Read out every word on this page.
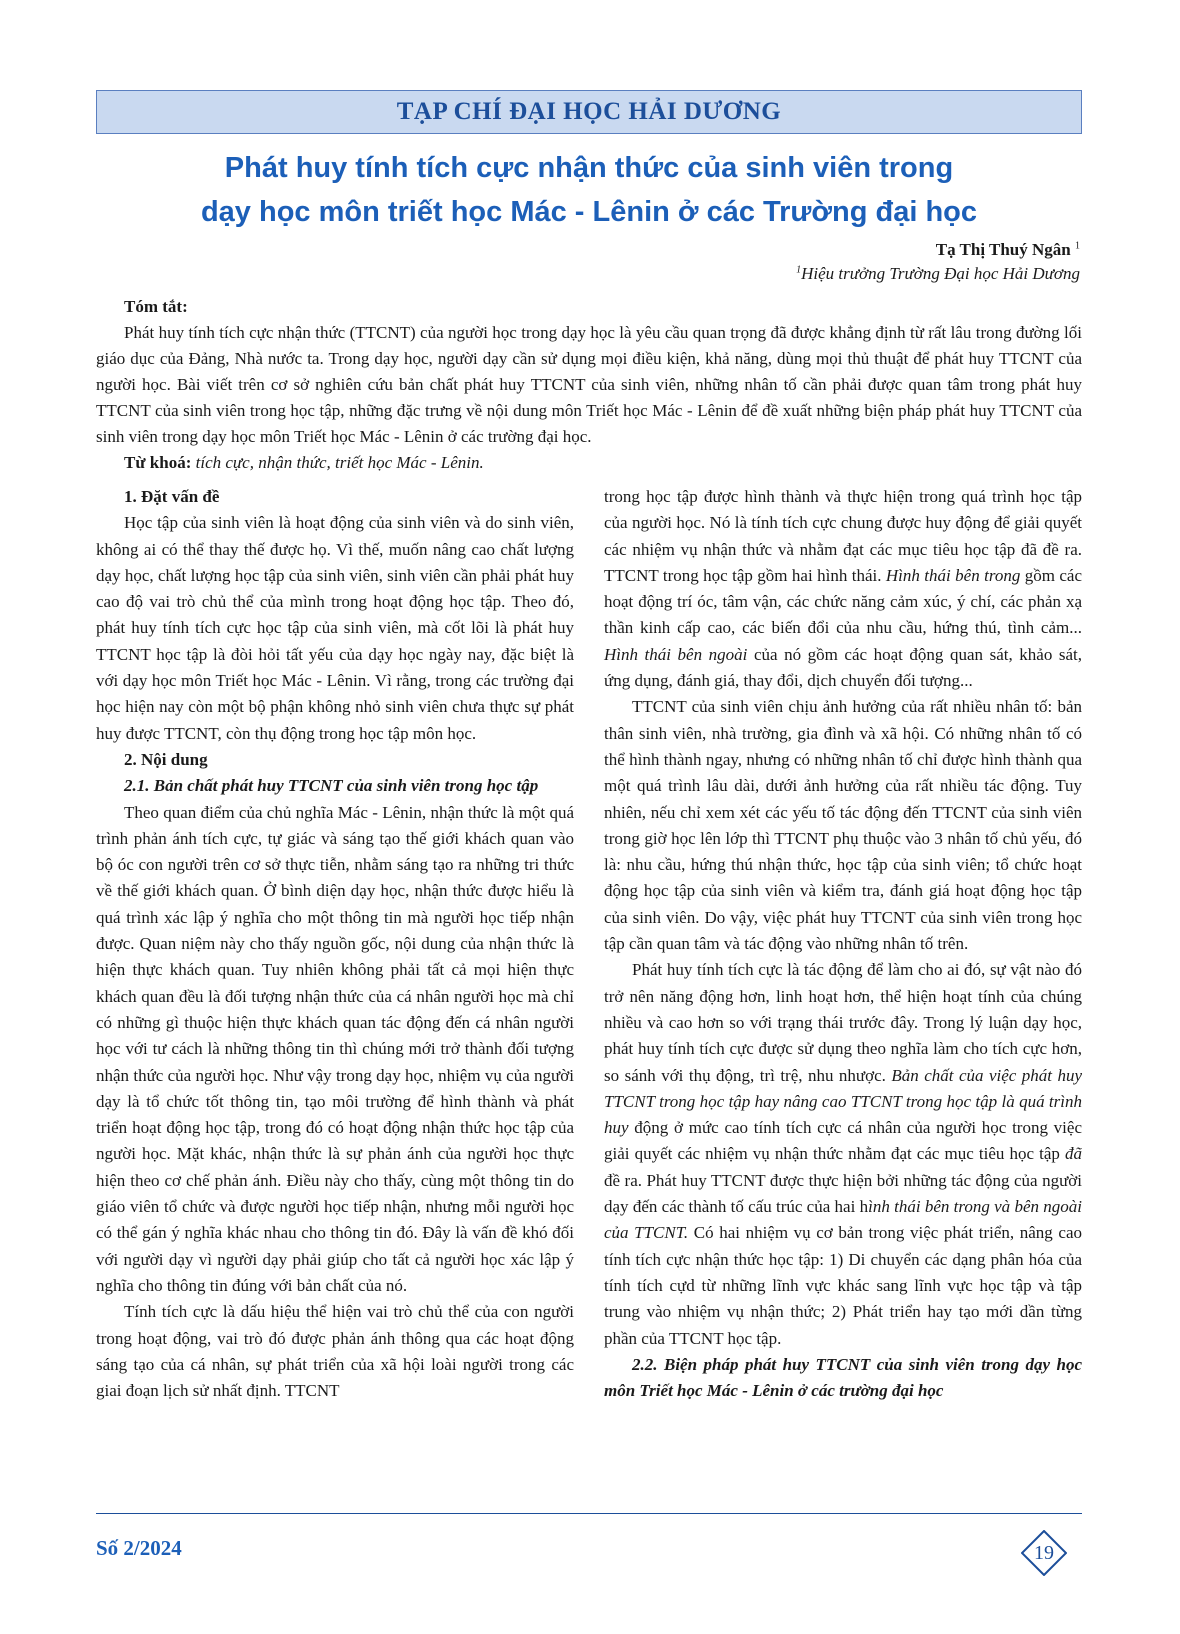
TẠP CHÍ ĐẠI HỌC HẢI DƯƠNG
Phát huy tính tích cực nhận thức của sinh viên trong
dạy học môn triết học Mác - Lênin ở các Trường đại học
Tạ Thị Thuý Ngân $^1$
$^1$Hiệu trưởng Trường Đại học Hải Dương
Tóm tắt:

Phát huy tính tích cực nhận thức (TTCNT) của người học trong dạy học là yêu cầu quan trọng đã được khẳng định từ rất lâu trong đường lối giáo dục của Đảng, Nhà nước ta. Trong dạy học, người dạy cần sử dụng mọi điều kiện, khả năng, dùng mọi thủ thuật để phát huy TTCNT của người học. Bài viết trên cơ sở nghiên cứu bản chất phát huy TTCNT của sinh viên, những nhân tố cần phải được quan tâm trong phát huy TTCNT của sinh viên trong học tập, những đặc trưng về nội dung môn Triết học Mác - Lênin để đề xuất những biện pháp phát huy TTCNT của sinh viên trong dạy học môn Triết học Mác - Lênin ở các trường đại học.

Từ khoá: tích cực, nhận thức, triết học Mác - Lênin.

1. Đặt vấn đề

Học tập của sinh viên là hoạt động của sinh viên và do sinh viên, không ai có thể thay thế được họ. Vì thế, muốn nâng cao chất lượng dạy học, chất lượng học tập của sinh viên, sinh viên cần phải phát huy cao độ vai trò chủ thể của mình trong hoạt động học tập. Theo đó, phát huy tính tích cực học tập của sinh viên, mà cốt lõi là phát huy TTCNT học tập là đòi hỏi tất yếu của dạy học ngày nay, đặc biệt là với dạy học môn Triết học Mác - Lênin. Vì rằng, trong các trường đại học hiện nay còn một bộ phận không nhỏ sinh viên chưa thực sự phát huy được TTCNT, còn thụ động trong học tập môn học.

2. Nội dung

2.1. Bản chất phát huy TTCNT của sinh viên trong học tập

Theo quan điểm của chủ nghĩa Mác - Lênin, nhận thức là một quá trình phản ánh tích cực, tự giác và sáng tạo thế giới khách quan vào bộ óc con người trên cơ sở thực tiễn, nhằm sáng tạo ra những tri thức về thế giới khách quan. Ở bình diện dạy học, nhận thức được hiểu là quá trình xác lập ý nghĩa cho một thông tin mà người học tiếp nhận được. Quan niệm này cho thấy nguồn gốc, nội dung của nhận thức là hiện thực khách quan. Tuy nhiên không phải tất cả mọi hiện thực khách quan đều là đối tượng nhận thức của cá nhân người học mà chỉ có những gì thuộc hiện thực khách quan tác động đến cá nhân người học với tư cách là những thông tin thì chúng mới trở thành đối tượng nhận thức của người học. Như vậy trong dạy học, nhiệm vụ của người dạy là tổ chức tốt thông tin, tạo môi trường để hình thành và phát triển hoạt động học tập, trong đó có hoạt động nhận thức học tập của người học. Mặt khác, nhận thức là sự phản ánh của người học thực hiện theo cơ chế phản ánh. Điều này cho thấy, cùng một thông tin do giáo viên tổ chức và được người học tiếp nhận, nhưng mỗi người học có thể gán ý nghĩa khác nhau cho thông tin đó. Đây là vấn đề khó đối với người dạy vì người dạy phải giúp cho tất cả người học xác lập ý nghĩa cho thông tin đúng với bản chất của nó.

Tính tích cực là dấu hiệu thể hiện vai trò chủ thể của con người trong hoạt động, vai trò đó được phản ánh thông qua các hoạt động sáng tạo của cá nhân, sự phát triển của xã hội loài người trong các giai đoạn lịch sử nhất định. TTCNT

trong học tập được hình thành và thực hiện trong quá trình học tập của người học. Nó là tính tích cực chung được huy động để giải quyết các nhiệm vụ nhận thức và nhằm đạt các mục tiêu học tập đã đề ra. TTCNT trong học tập gồm hai hình thái. Hình thái bên trong gồm các hoạt động trí óc, tâm vận, các chức năng cảm xúc, ý chí, các phản xạ thần kinh cấp cao, các biến đổi của nhu cầu, hứng thú, tình cảm... Hình thái bên ngoài của nó gồm các hoạt động quan sát, khảo sát, ứng dụng, đánh giá, thay đổi, dịch chuyển đối tượng...

TTCNT của sinh viên chịu ảnh hưởng của rất nhiều nhân tố: bản thân sinh viên, nhà trường, gia đình và xã hội. Có những nhân tố có thể hình thành ngay, nhưng có những nhân tố chỉ được hình thành qua một quá trình lâu dài, dưới ảnh hưởng của rất nhiều tác động. Tuy nhiên, nếu chỉ xem xét các yếu tố tác động đến TTCNT của sinh viên trong giờ học lên lớp thì TTCNT phụ thuộc vào 3 nhân tố chủ yếu, đó là: nhu cầu, hứng thú nhận thức, học tập của sinh viên; tổ chức hoạt động học tập của sinh viên và kiểm tra, đánh giá hoạt động học tập của sinh viên. Do vậy, việc phát huy TTCNT của sinh viên trong học tập cần quan tâm và tác động vào những nhân tố trên.

Phát huy tính tích cực là tác động để làm cho ai đó, sự vật nào đó trở nên năng động hơn, linh hoạt hơn, thể hiện hoạt tính của chúng nhiều và cao hơn so với trạng thái trước đây. Trong lý luận dạy học, phát huy tính tích cực được sử dụng theo nghĩa làm cho tích cực hơn, so sánh với thụ động, trì trệ, nhu nhược. Bản chất của việc phát huy TTCNT trong học tập hay nâng cao TTCNT trong học tập là quá trình huy động ở mức cao tính tích cực cá nhân của người học trong việc giải quyết các nhiệm vụ nhận thức nhằm đạt các mục tiêu học tập đã đề ra. Phát huy TTCNT được thực hiện bởi những tác động của người dạy đến các thành tố cấu trúc của hai hình thái bên trong và bên ngoài của TTCNT. Có hai nhiệm vụ cơ bản trong việc phát triển, nâng cao tính tích cực nhận thức học tập: 1) Di chuyển các dạng phân hóa của tính tích cựd từ những lĩnh vực khác sang lĩnh vực học tập và tập trung vào nhiệm vụ nhận thức; 2) Phát triển hay tạo mới dần từng phần của TTCNT học tập.

2.2. Biện pháp phát huy TTCNT của sinh viên trong dạy học môn Triết học Mác - Lênin ở các trường đại học

Số 2/2024	19
